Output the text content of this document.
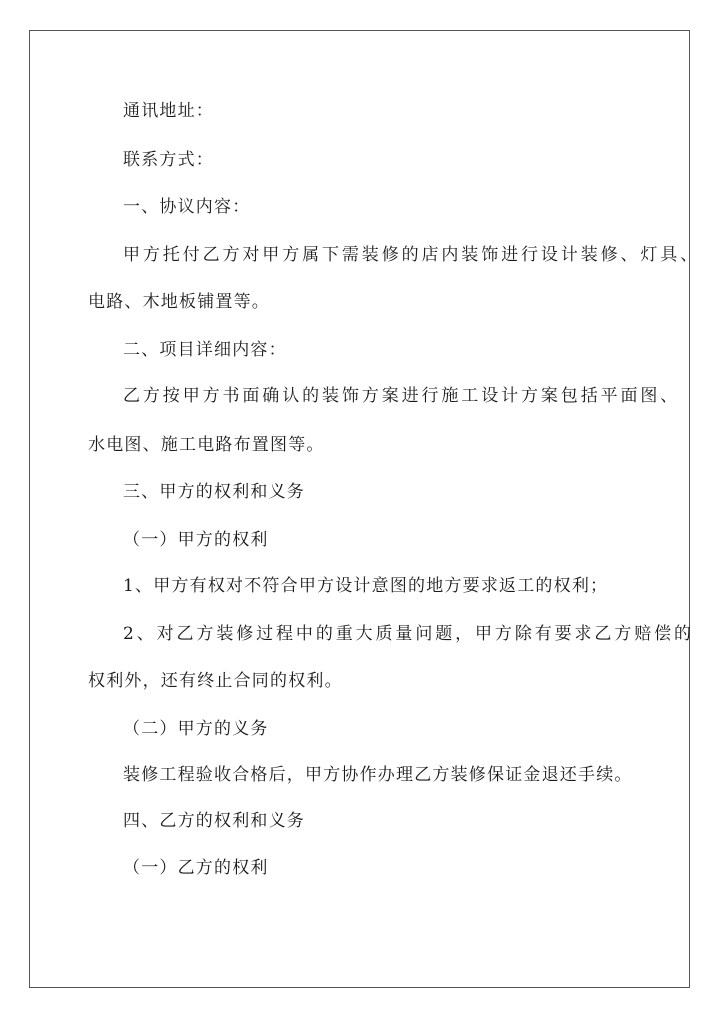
通讯地址：
联系方式：
一、协议内容：
甲方托付乙方对甲方属下需装修的店内装饰进行设计装修、灯具、
电路、木地板铺置等。
二、项目详细内容：
乙方按甲方书面确认的装饰方案进行施工设计方案包括平面图、
水电图、施工电路布置图等。
三、甲方的权利和义务
（一）甲方的权利
1、甲方有权对不符合甲方设计意图的地方要求返工的权利；
2、对乙方装修过程中的重大质量问题，甲方除有要求乙方赔偿的
权利外，还有终止合同的权利。
（二）甲方的义务
装修工程验收合格后，甲方协作办理乙方装修保证金退还手续。
四、乙方的权利和义务
（一）乙方的权利
